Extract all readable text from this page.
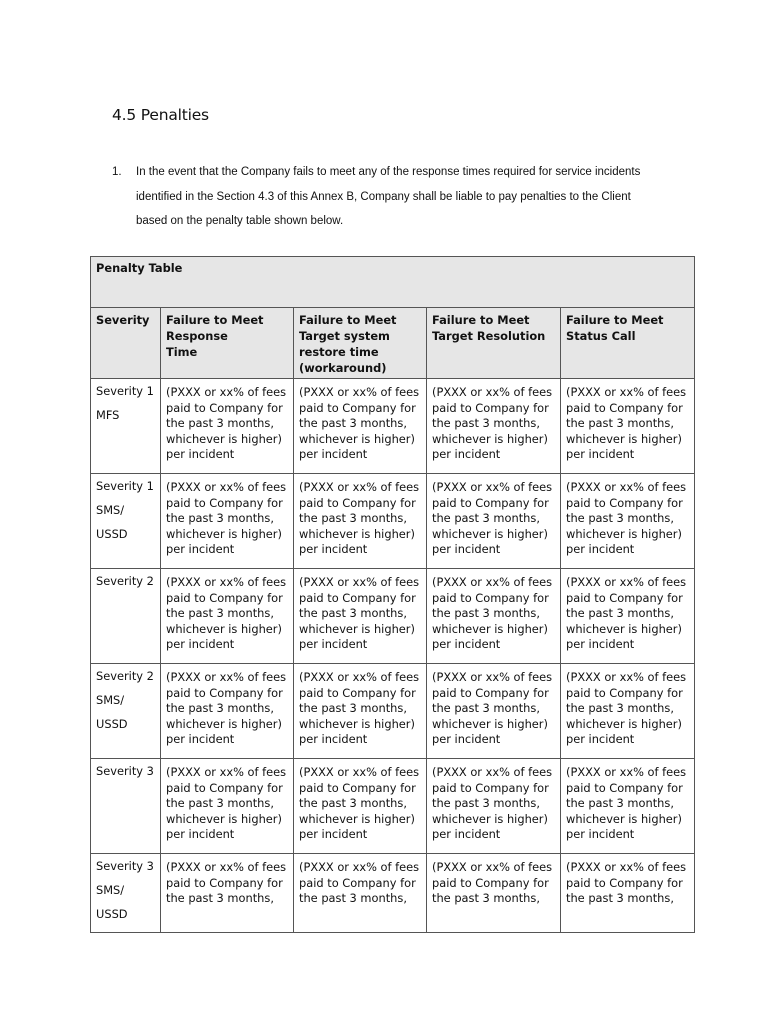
4.5 Penalties
1. In the event that the Company fails to meet any of the response times required for service incidents
identified in the Section 4.3 of this Annex B, Company shall be liable to pay penalties to the Client
based on the penalty table shown below.
Penalty Table				
Severity	Failure to Meet
Response
Time	Failure to Meet
Target system
restore time
(workaround)	Failure to Meet
Target Resolution	Failure to Meet
Status Call
Severity 1
MFS	(PXXX or xx% of fees
paid to Company for
the past 3 months,
whichever is higher)
per incident	(PXXX or xx% of fees
paid to Company for
the past 3 months,
whichever is higher)
per incident	(PXXX or xx% of fees
paid to Company for
the past 3 months,
whichever is higher)
per incident	(PXXX or xx% of fees
paid to Company for
the past 3 months,
whichever is higher)
per incident
Severity 1
SMS/
USSD	(PXXX or xx% of fees
paid to Company for
the past 3 months,
whichever is higher)
per incident	(PXXX or xx% of fees
paid to Company for
the past 3 months,
whichever is higher)
per incident	(PXXX or xx% of fees
paid to Company for
the past 3 months,
whichever is higher)
per incident	(PXXX or xx% of fees
paid to Company for
the past 3 months,
whichever is higher)
per incident
Severity 2	(PXXX or xx% of fees
paid to Company for
the past 3 months,
whichever is higher)
per incident	(PXXX or xx% of fees
paid to Company for
the past 3 months,
whichever is higher)
per incident	(PXXX or xx% of fees
paid to Company for
the past 3 months,
whichever is higher)
per incident	(PXXX or xx% of fees
paid to Company for
the past 3 months,
whichever is higher)
per incident
Severity 2
SMS/
USSD	(PXXX or xx% of fees
paid to Company for
the past 3 months,
whichever is higher)
per incident	(PXXX or xx% of fees
paid to Company for
the past 3 months,
whichever is higher)
per incident	(PXXX or xx% of fees
paid to Company for
the past 3 months,
whichever is higher)
per incident	(PXXX or xx% of fees
paid to Company for
the past 3 months,
whichever is higher)
per incident
Severity 3	(PXXX or xx% of fees
paid to Company for
the past 3 months,
whichever is higher)
per incident	(PXXX or xx% of fees
paid to Company for
the past 3 months,
whichever is higher)
per incident	(PXXX or xx% of fees
paid to Company for
the past 3 months,
whichever is higher)
per incident	(PXXX or xx% of fees
paid to Company for
the past 3 months,
whichever is higher)
per incident
Severity 3
SMS/
USSD	(PXXX or xx% of fees
paid to Company for
the past 3 months,	(PXXX or xx% of fees
paid to Company for
the past 3 months,	(PXXX or xx% of fees
paid to Company for
the past 3 months,	(PXXX or xx% of fees
paid to Company for
the past 3 months,
